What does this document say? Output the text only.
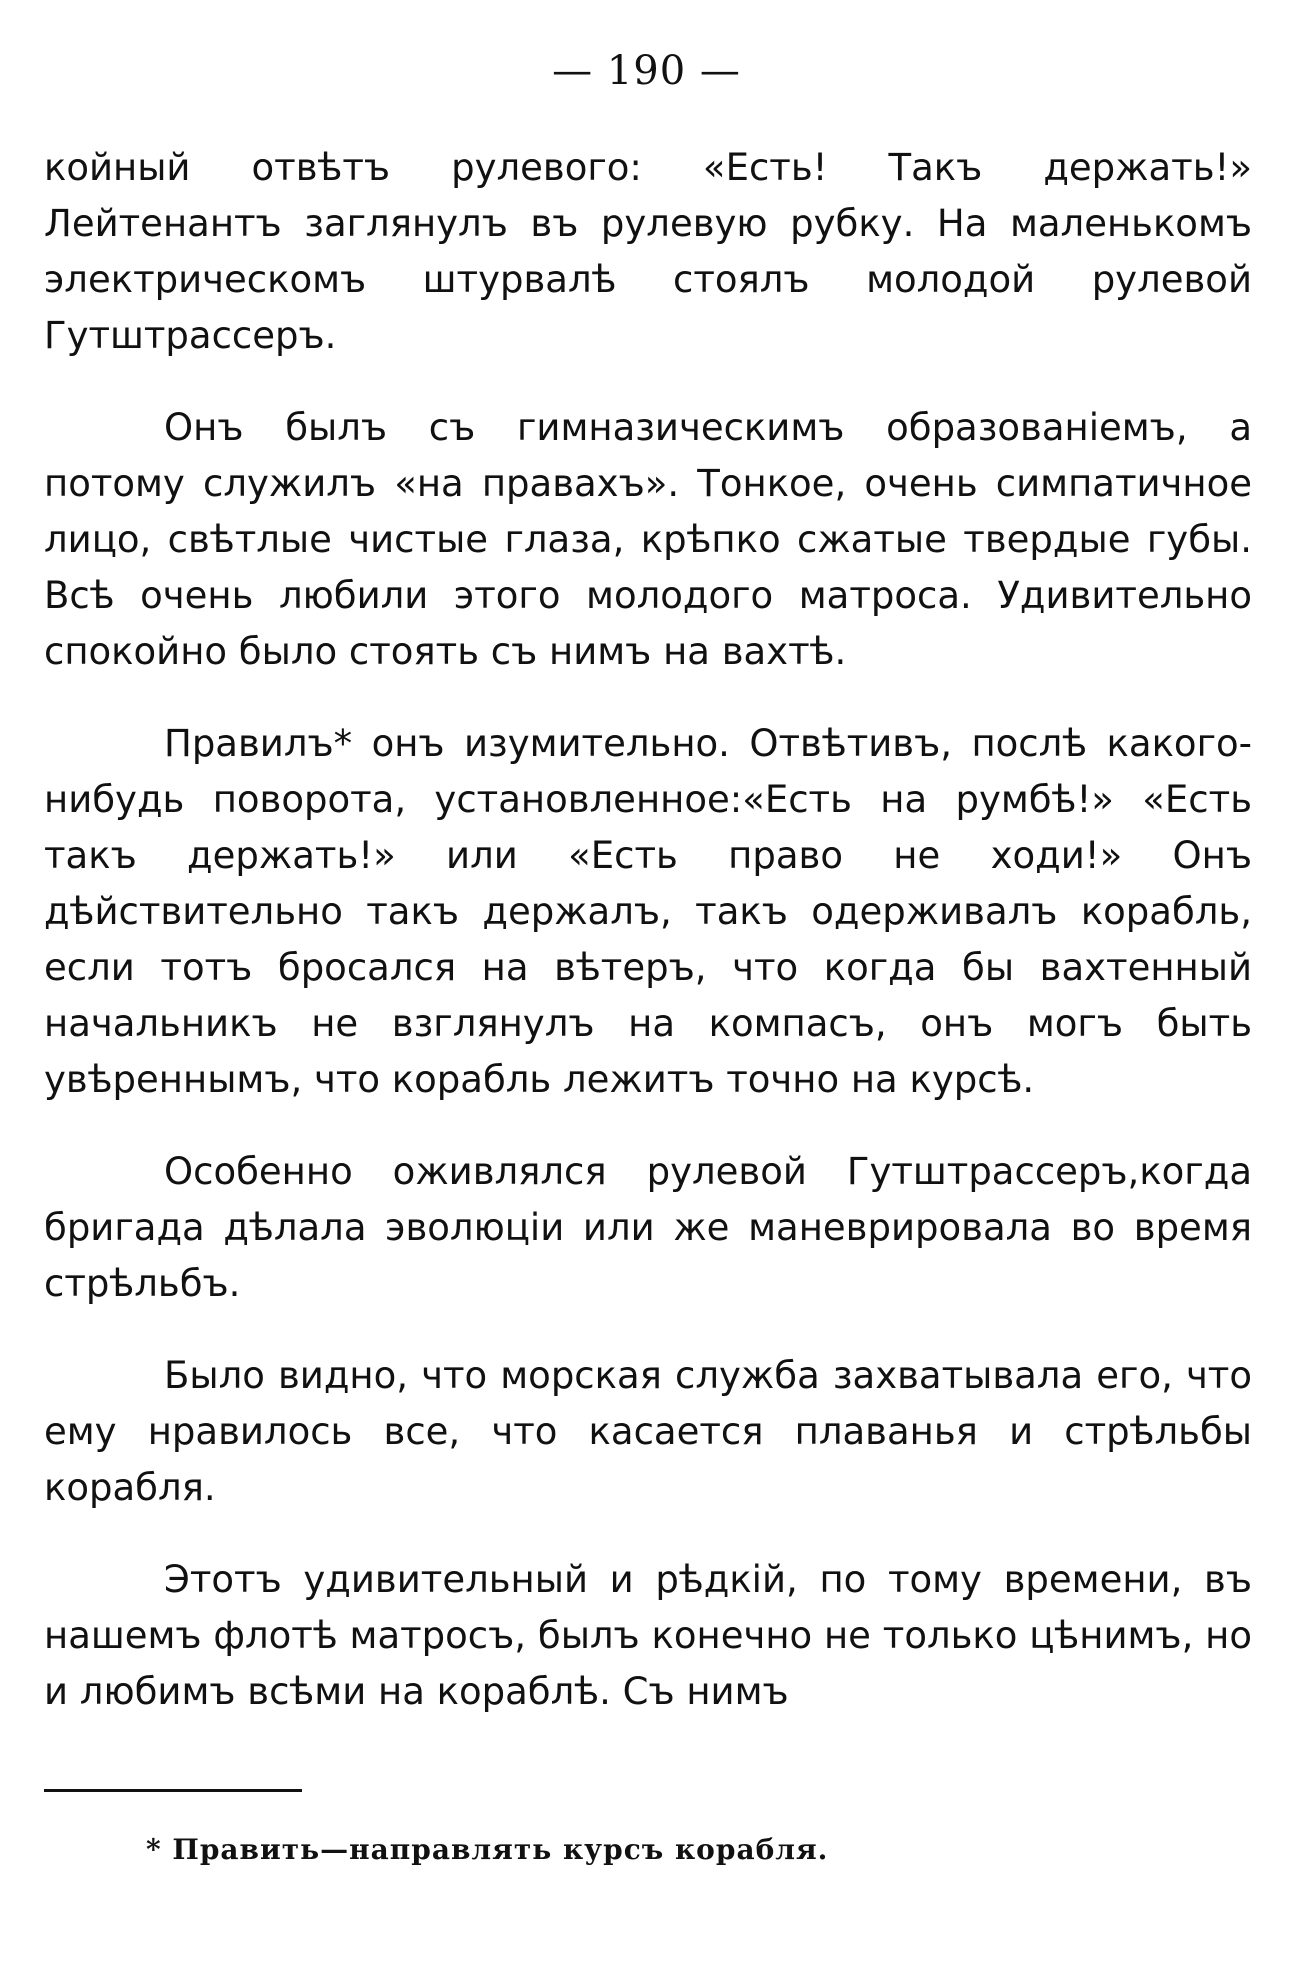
— 190 —

койный отвѣтъ рулевого: «Есть! Такъ держать!» Лейтенантъ заглянулъ въ рулевую рубку. На маленькомъ электрическомъ штурвалѣ стоялъ молодой рулевой Гутштрассеръ.

Онъ былъ съ гимназическимъ образованіемъ, а потому служилъ «на правахъ». Тонкое, очень симпатичное лицо, свѣтлые чистые глаза, крѣпко сжатые твердые губы. Всѣ очень любили этого молодого матроса. Удивительно спокойно было стоять съ нимъ на вахтѣ.

Правилъ* онъ изумительно. Отвѣтивъ, послѣ какого-нибудь поворота, установленное:«Есть на румбѣ!» «Есть такъ держать!» или «Есть право не ходи!» Онъ дѣйствительно такъ держалъ, такъ одерживалъ корабль, если тотъ бросался на вѣтеръ, что когда бы вахтенный начальникъ не взглянулъ на компасъ, онъ могъ быть увѣреннымъ, что корабль лежитъ точно на курсѣ.

Особенно оживлялся рулевой Гутштрассеръ,когда бригада дѣлала эволюціи или же маневрировала во время стрѣльбъ.

Было видно, что морская служба захватывала его, что ему нравилось все, что касается плаванья и стрѣльбы корабля.

Этотъ удивительный и рѣдкій, по тому времени, въ нашемъ флотѣ матросъ, былъ конечно не только цѣнимъ, но и любимъ всѣми на кораблѣ. Съ нимъ

* Править—направлять курсъ корабля.
